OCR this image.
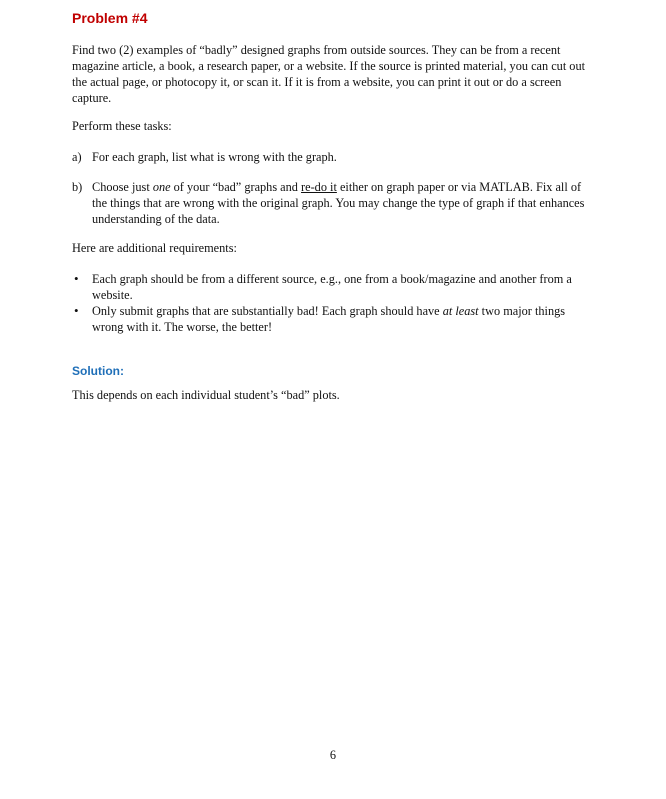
Problem #4

Find two (2) examples of “badly” designed graphs from outside sources. They can be from a recent magazine article, a book, a research paper, or a website. If the source is printed material, you can cut out the actual page, or photocopy it, or scan it. If it is from a website, you can print it out or do a screen capture.

Perform these tasks:

a) For each graph, list what is wrong with the graph.
b) Choose just one of your “bad” graphs and re-do it either on graph paper or via MATLAB. Fix all of the things that are wrong with the original graph. You may change the type of graph if that enhances understanding of the data.

Here are additional requirements:

• Each graph should be from a different source, e.g., one from a book/magazine and another from a website.
• Only submit graphs that are substantially bad! Each graph should have at least two major things wrong with it. The worse, the better!
Solution:

This depends on each individual student’s “bad” plots.

6
